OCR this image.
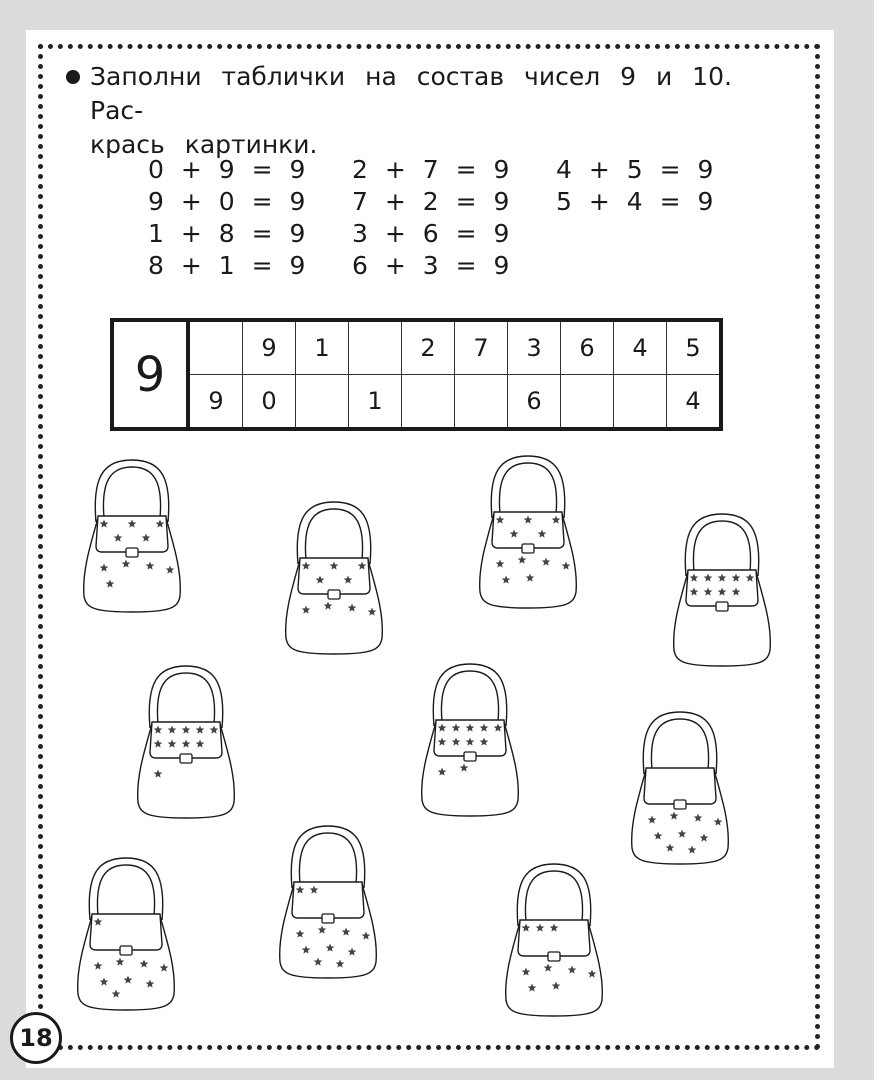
Заполни таблички на состав чисел 9 и 10. Рас-
крась картинки.
0 + 9 = 9
9 + 0 = 9
1 + 8 = 9
8 + 1 = 9
2 + 7 = 9
7 + 2 = 9
3 + 6 = 9
6 + 3 = 9
4 + 5 = 9
5 + 4 = 9
9		9	1		2	7	3	6	4	5
	9	0		1			6			4
18
